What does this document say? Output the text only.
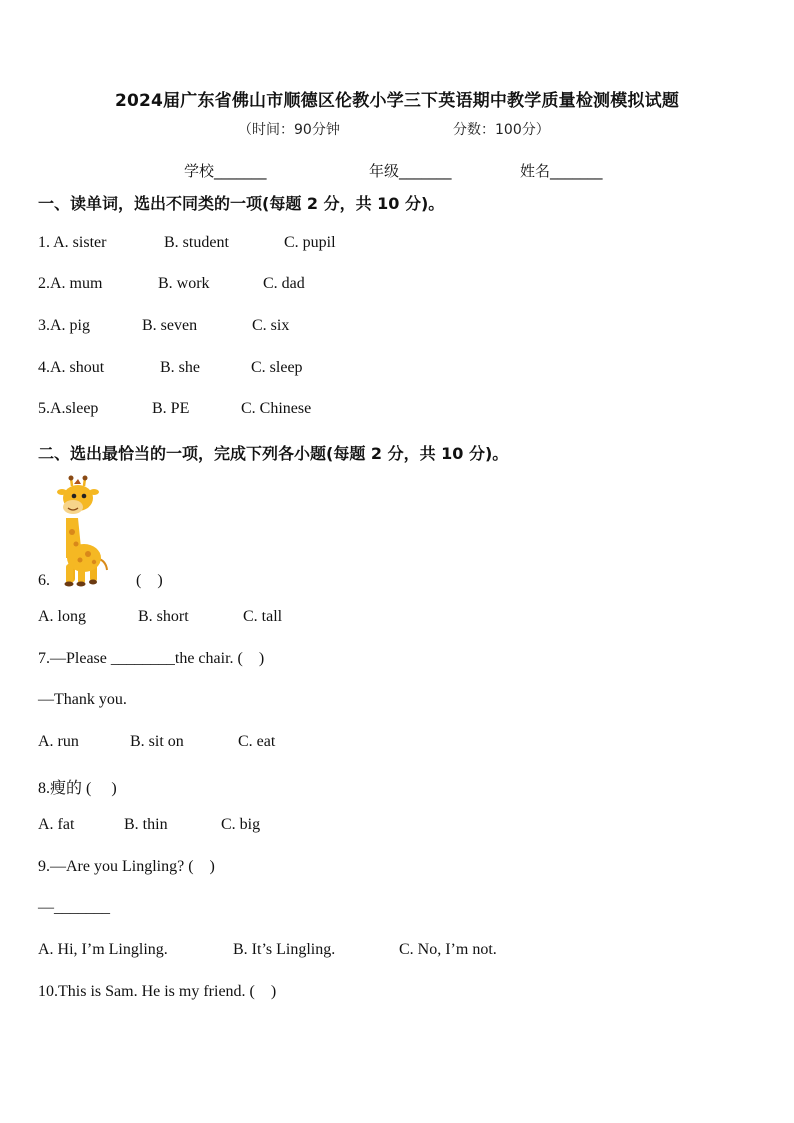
2024届广东省佛山市顺德区伦教小学三下英语期中教学质量检测模拟试题
（时间：90分钟	分数：100分）
学校_______	年级_______	姓名_______
一、读单词，选出不同类的一项(每题 2 分，共 10 分)。
1. A. sister	B. student	C. pupil
2.A. mum	B. work	C. dad
3.A. pig	B. seven	C. six
4.A. shout	B. she	C. sleep
5.A.sleep	B. PE	C. Chinese
二、选出最恰当的一项，完成下列各小题(每题 2 分，共 10 分)。
6.	(    )
A. long	B. short	C. tall
7.—Please ________the chair. (    )
—Thank you.
A. run	B. sit on	C. eat
8.瘦的 (     )
A. fat	B. thin	C. big
9.—Are you Lingling? (    )
—_______
A. Hi, I’m Lingling.	B. It’s Lingling.	C. No, I’m not.
10.This is Sam. He is my friend. (    )
